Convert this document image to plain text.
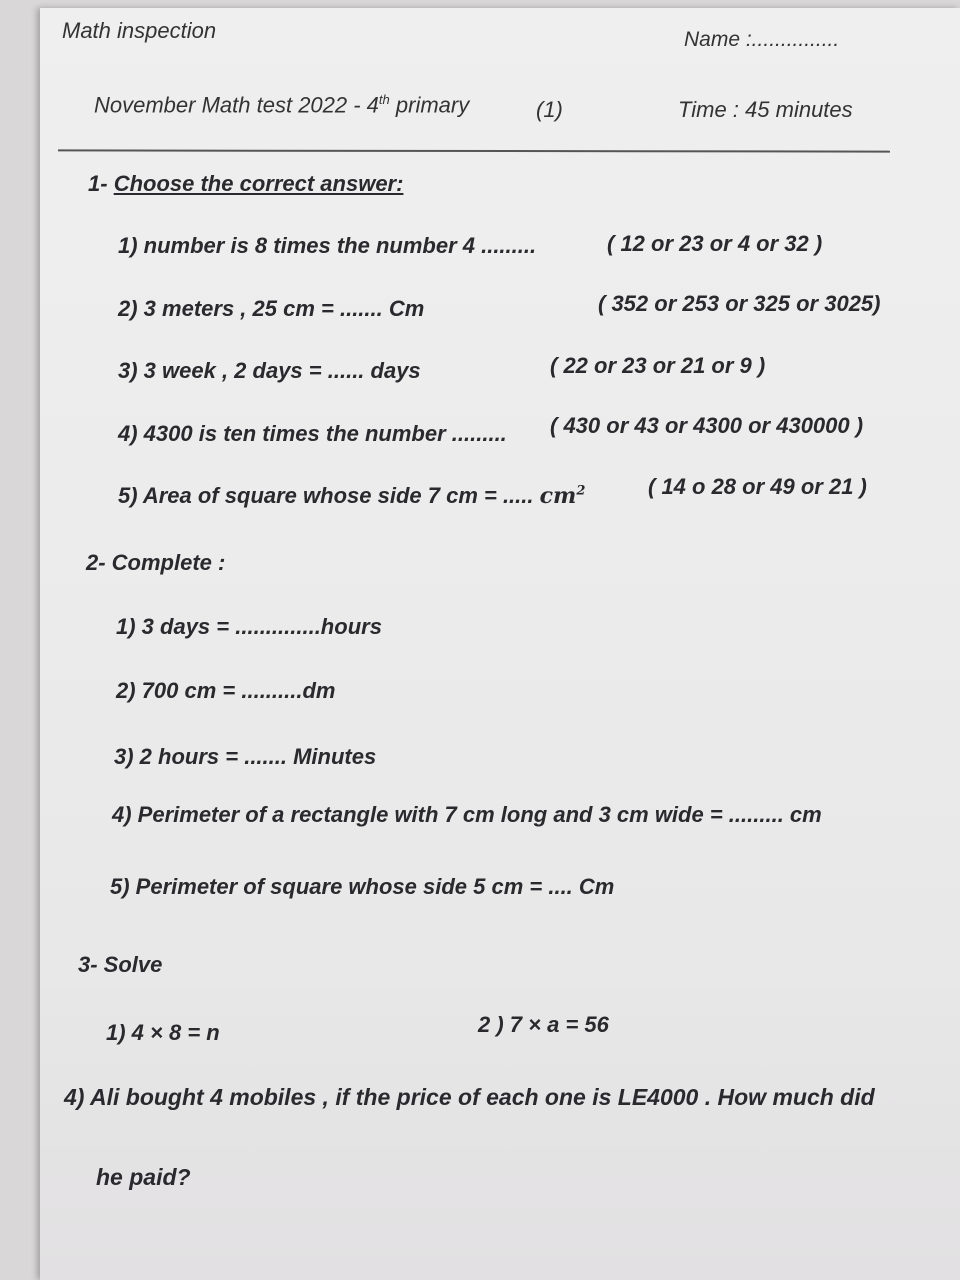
Math inspection	Name :...............
November Math test 2022 - 4th primary	(1)	Time : 45 minutes
1- Choose the correct answer:
1) number is 8 times the number 4 .........	( 12 or 23 or 4 or 32 )
2) 3 meters , 25 cm = ....... Cm	( 352 or 253 or 325 or 3025)
3) 3 week , 2 days = ...... days	( 22 or 23 or 21 or 9 )
4) 4300 is ten times the number ......... ( 430 or 43 or 4300 or 430000 )
5) Area of square whose side 7 cm = ..... $cm^2$	( 14 o 28 or 49 or 21 )
2- Complete :
1) 3 days = ..............hours
2) 700 cm = ..........dm
3) 2 hours = ....... Minutes
4) Perimeter of a rectangle with 7 cm long and 3 cm wide = ......... cm
5) Perimeter of square whose side 5 cm = .... Cm
3- Solve
1) 4 × 8 = n	2 ) 7 × a = 56
4) Ali bought 4 mobiles , if the price of each one is LE4000 . How much did
he paid?
